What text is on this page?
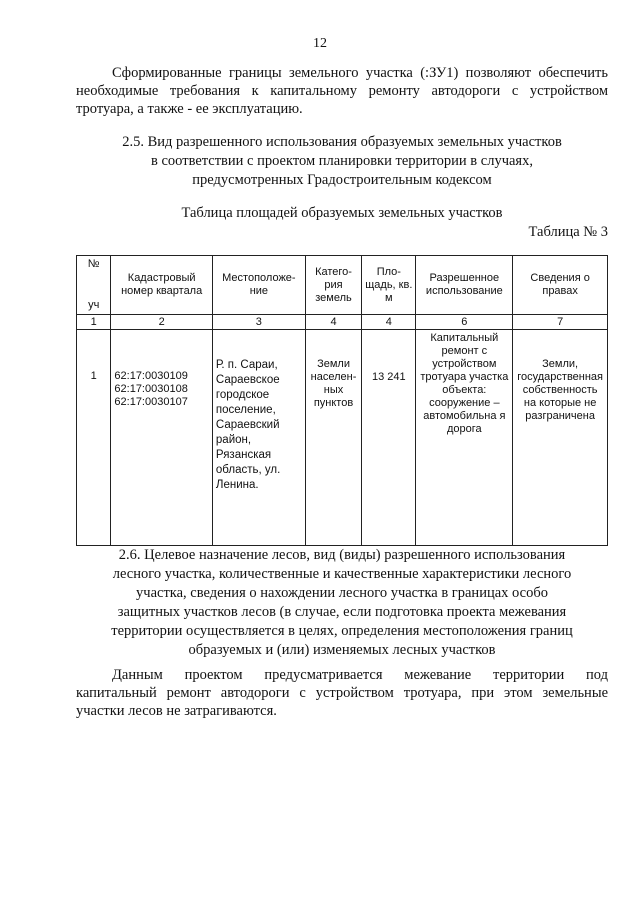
12
Сформированные границы земельного участка (:ЗУ1) позволяют обеспечить
необходимые требования к капитальному ремонту автодороги с устройством
тротуара, а также - ее эксплуатацию.
2.5. Вид разрешенного использования образуемых земельных участков
в соответствии с проектом планировки территории в случаях,
предусмотренных Градостроительным кодексом
Таблица площадей образуемых земельных участков
Таблица № 3
№
уч	Кадастровый номер квартала	Местоположе- ние	Катего- рия земель	Пло- щадь, кв. м	Разрешенное использование	Сведения о правах
1	2	3	4	4	6	7
1	62:17:0030109
62:17:0030108
62:17:0030107	Р. п. Сараи, Сараевское городское поселение, Сараевский район, Рязанская область, ул. Ленина.	Земли населен- ных пунктов	13 241	Капитальный ремонт с устройством тротуара участка объекта: сооружение – автомобильна я дорога	Земли, государственная собственность на которые не разграничена
2.6. Целевое назначение лесов, вид (виды) разрешенного использования
лесного участка, количественные и качественные характеристики лесного
участка, сведения о нахождении лесного участка в границах особо
защитных участков лесов (в случае, если подготовка проекта межевания
территории осуществляется в целях, определения местоположения границ
образуемых и (или) изменяемых лесных участков
Данным проектом предусматривается межевание территории под
капитальный ремонт автодороги с устройством тротуара, при этом земельные
участки лесов не затрагиваются.
